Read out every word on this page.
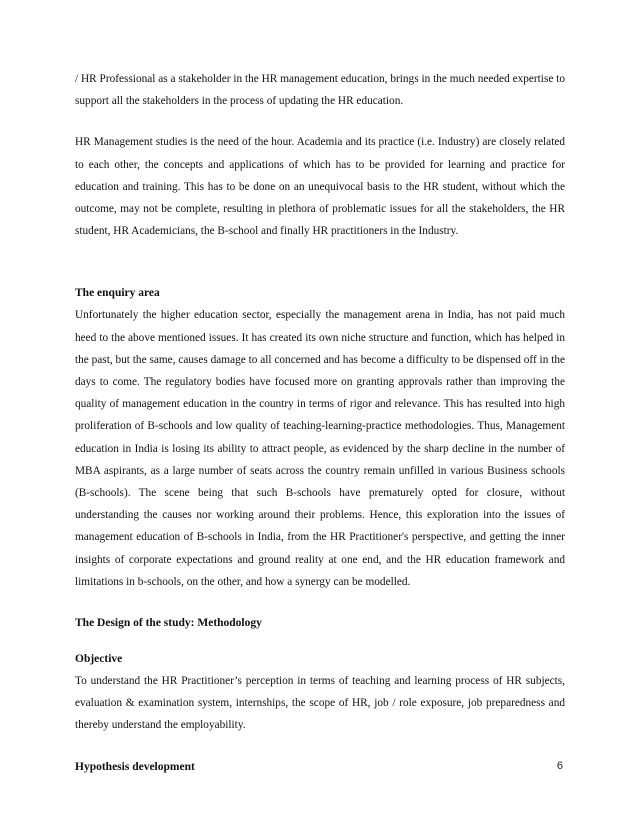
/ HR Professional as a stakeholder in the HR management education, brings in the much needed expertise to support all the stakeholders in the process of updating the HR education.

HR Management studies is the need of the hour. Academia and its practice (i.e. Industry) are closely related to each other, the concepts and applications of which has to be provided for learning and practice for education and training. This has to be done on an unequivocal basis to the HR student, without which the outcome, may not be complete, resulting in plethora of problematic issues for all the stakeholders, the HR student, HR Academicians, the B-school and finally HR practitioners in the Industry.

The enquiry area

Unfortunately the higher education sector, especially the management arena in India, has not paid much heed to the above mentioned issues. It has created its own niche structure and function, which has helped in the past, but the same, causes damage to all concerned and has become a difficulty to be dispensed off in the days to come. The regulatory bodies have focused more on granting approvals rather than improving the quality of management education in the country in terms of rigor and relevance. This has resulted into high proliferation of B-schools and low quality of teaching-learning-practice methodologies. Thus, Management education in India is losing its ability to attract people, as evidenced by the sharp decline in the number of MBA aspirants, as a large number of seats across the country remain unfilled in various Business schools (B-schools). The scene being that such B-schools have prematurely opted for closure, without understanding the causes nor working around their problems. Hence, this exploration into the issues of management education of B-schools in India, from the HR Practitioner's perspective, and getting the inner insights of corporate expectations and ground reality at one end, and the HR education framework and limitations in b-schools, on the other, and how a synergy can be modelled.

The Design of the study: Methodology
Objective

To understand the HR Practitioner’s perception in terms of teaching and learning process of HR subjects, evaluation & examination system, internships, the scope of HR, job / role exposure, job preparedness and thereby understand the employability.

Hypothesis development	6
